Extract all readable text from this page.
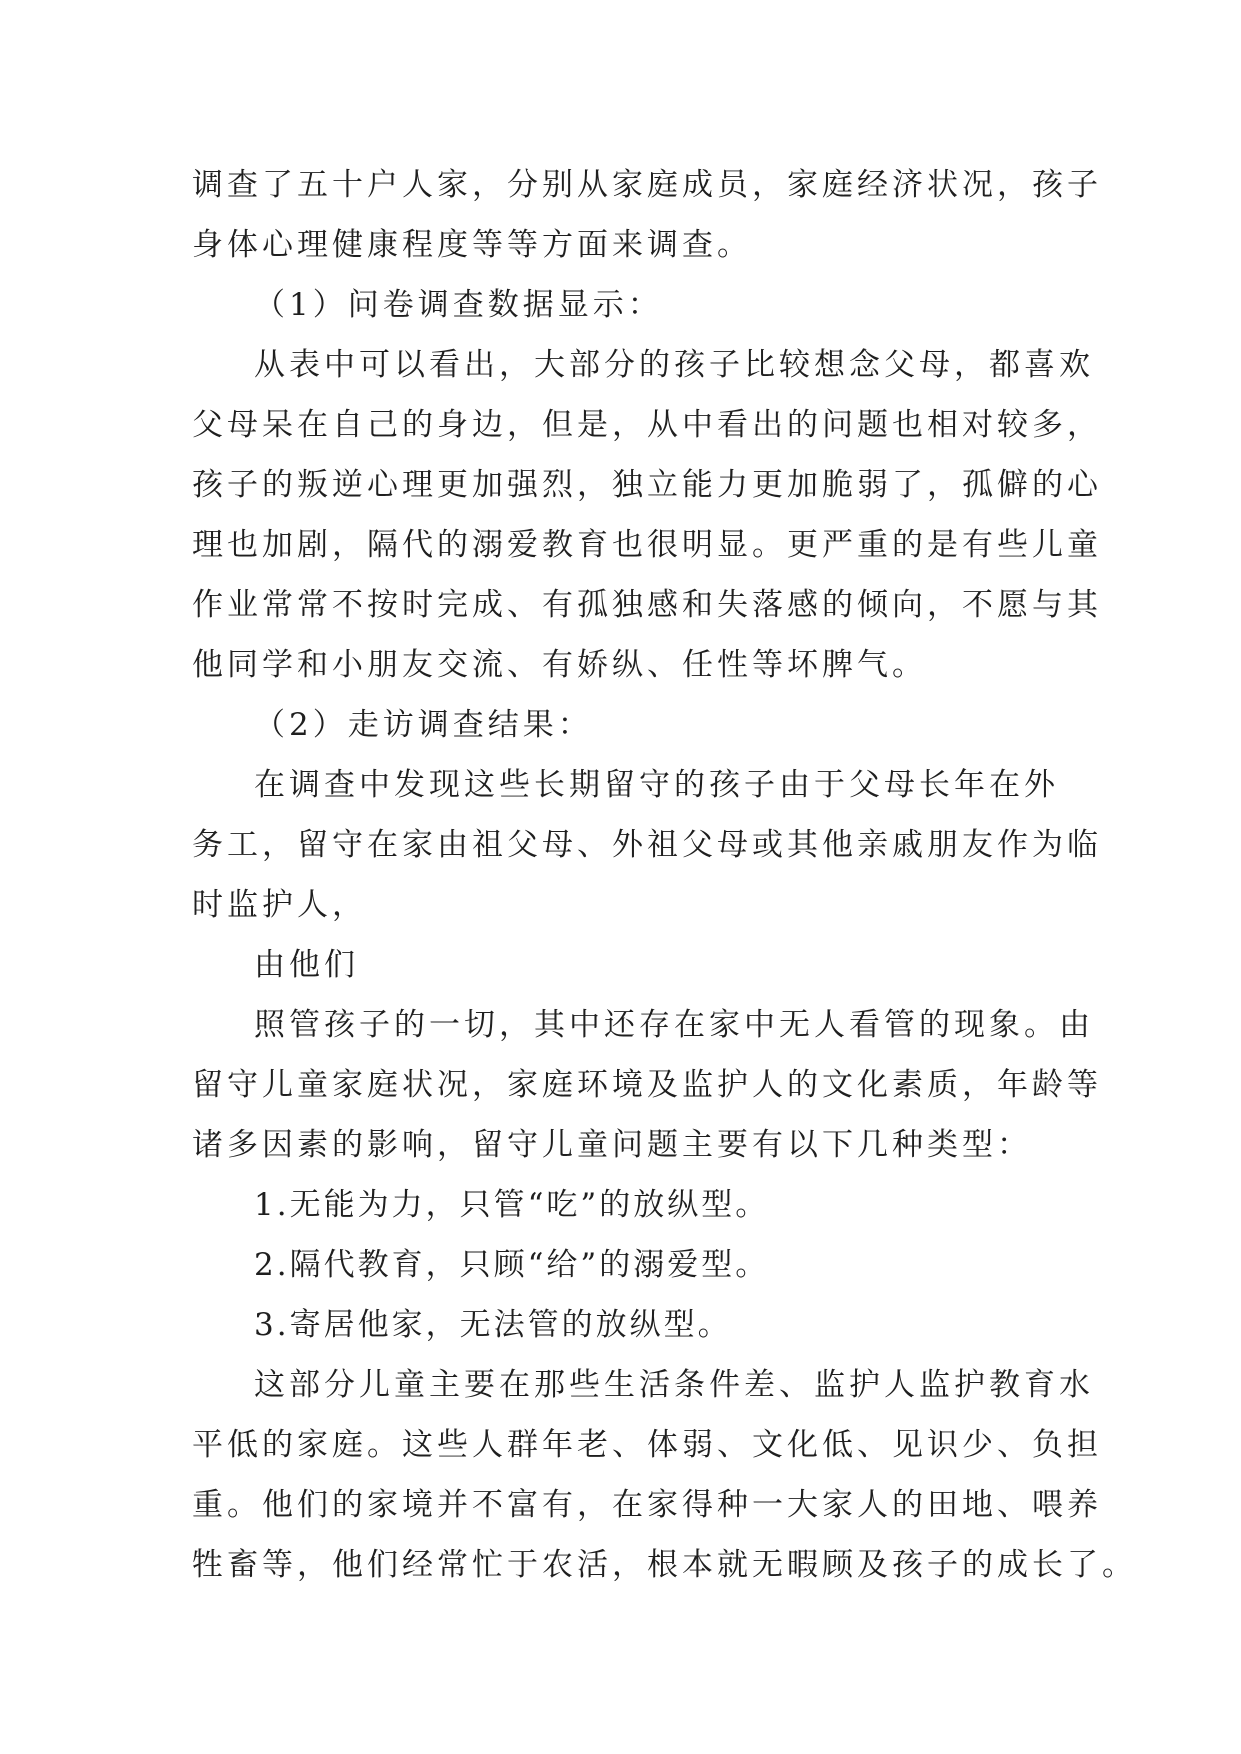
调查了五十户人家，分别从家庭成员，家庭经济状况，孩子
身体心理健康程度等等方面来调查。
（1）问卷调查数据显示：
从表中可以看出，大部分的孩子比较想念父母，都喜欢
父母呆在自己的身边，但是，从中看出的问题也相对较多，
孩子的叛逆心理更加强烈，独立能力更加脆弱了，孤僻的心
理也加剧，隔代的溺爱教育也很明显。更严重的是有些儿童
作业常常不按时完成、有孤独感和失落感的倾向，不愿与其
他同学和小朋友交流、有娇纵、任性等坏脾气。
（2）走访调查结果：
在调查中发现这些长期留守的孩子由于父母长年在外
务工，留守在家由祖父母、外祖父母或其他亲戚朋友作为临
时监护人，
由他们
照管孩子的一切，其中还存在家中无人看管的现象。由
留守儿童家庭状况，家庭环境及监护人的文化素质，年龄等
诸多因素的影响，留守儿童问题主要有以下几种类型：
1.无能为力，只管“吃”的放纵型。
2.隔代教育，只顾“给”的溺爱型。
3.寄居他家，无法管的放纵型。
这部分儿童主要在那些生活条件差、监护人监护教育水
平低的家庭。这些人群年老、体弱、文化低、见识少、负担
重。他们的家境并不富有，在家得种一大家人的田地、喂养
牲畜等，他们经常忙于农活，根本就无暇顾及孩子的成长了。
